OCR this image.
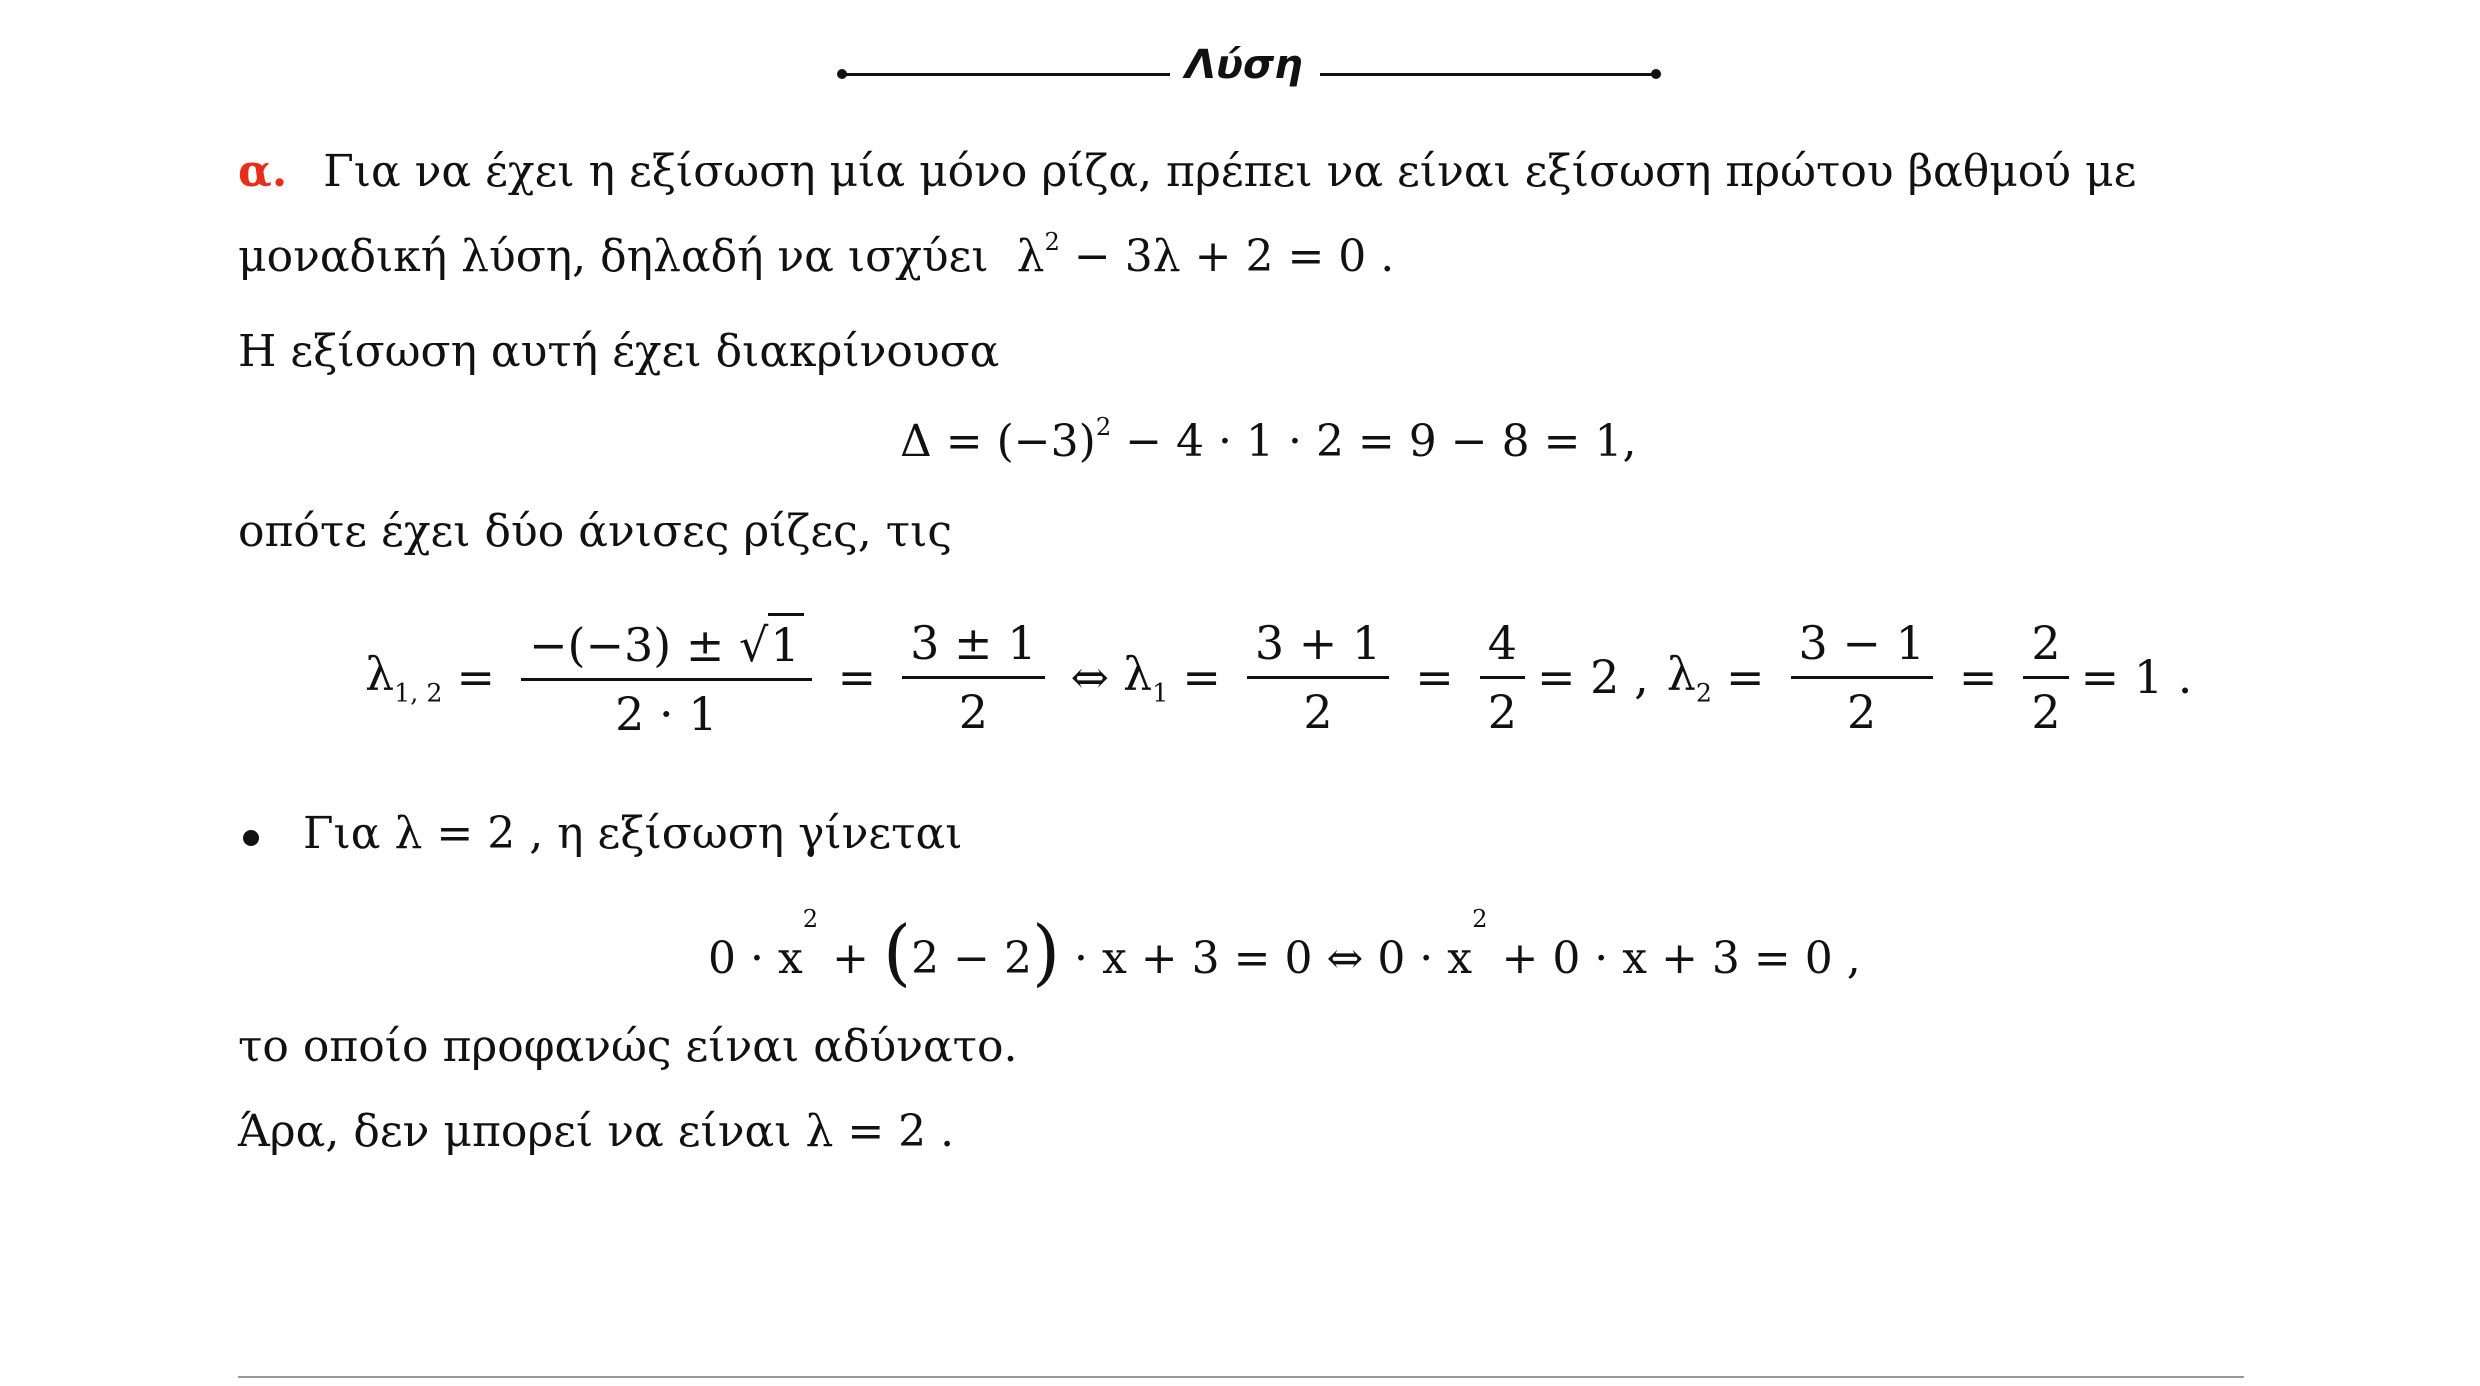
Λύση
α. Για να έχει η εξίσωση μία μόνο ρίζα, πρέπει να είναι εξίσωση πρώτου βαθμού με
μοναδική λύση, δηλαδή να ισχύει $\lambda^2 - 3\lambda + 2 = 0$ .
Η εξίσωση αυτή έχει διακρίνουσα
$\Delta = (-3)^2 - 4 \cdot 1 \cdot 2 = 9 - 8 = 1$,
οπότε έχει δύο άνισες ρίζες, τις
$\lambda_{1, 2} = \frac{-(-3) \pm √ 1}{2 \cdot 1} = \frac{3 \pm 1}{2}$ ⇔ $\lambda_1 = \frac{3 + 1}{2} = \frac{4}{2} = 2$ , $\lambda_2 = \frac{3 - 1}{2} = \frac{2}{2} = 1$ .
Για λ = 2 , η εξίσωση γίνεται
$0 \cdot x^2 + (2 - 2) \cdot x + 3 = 0$ ⇔ $0 \cdot x^2 + 0 \cdot x + 3 = 0$ ,
το οποίο προφανώς είναι αδύνατο.
Άρα, δεν μπορεί να είναι λ = 2 .
